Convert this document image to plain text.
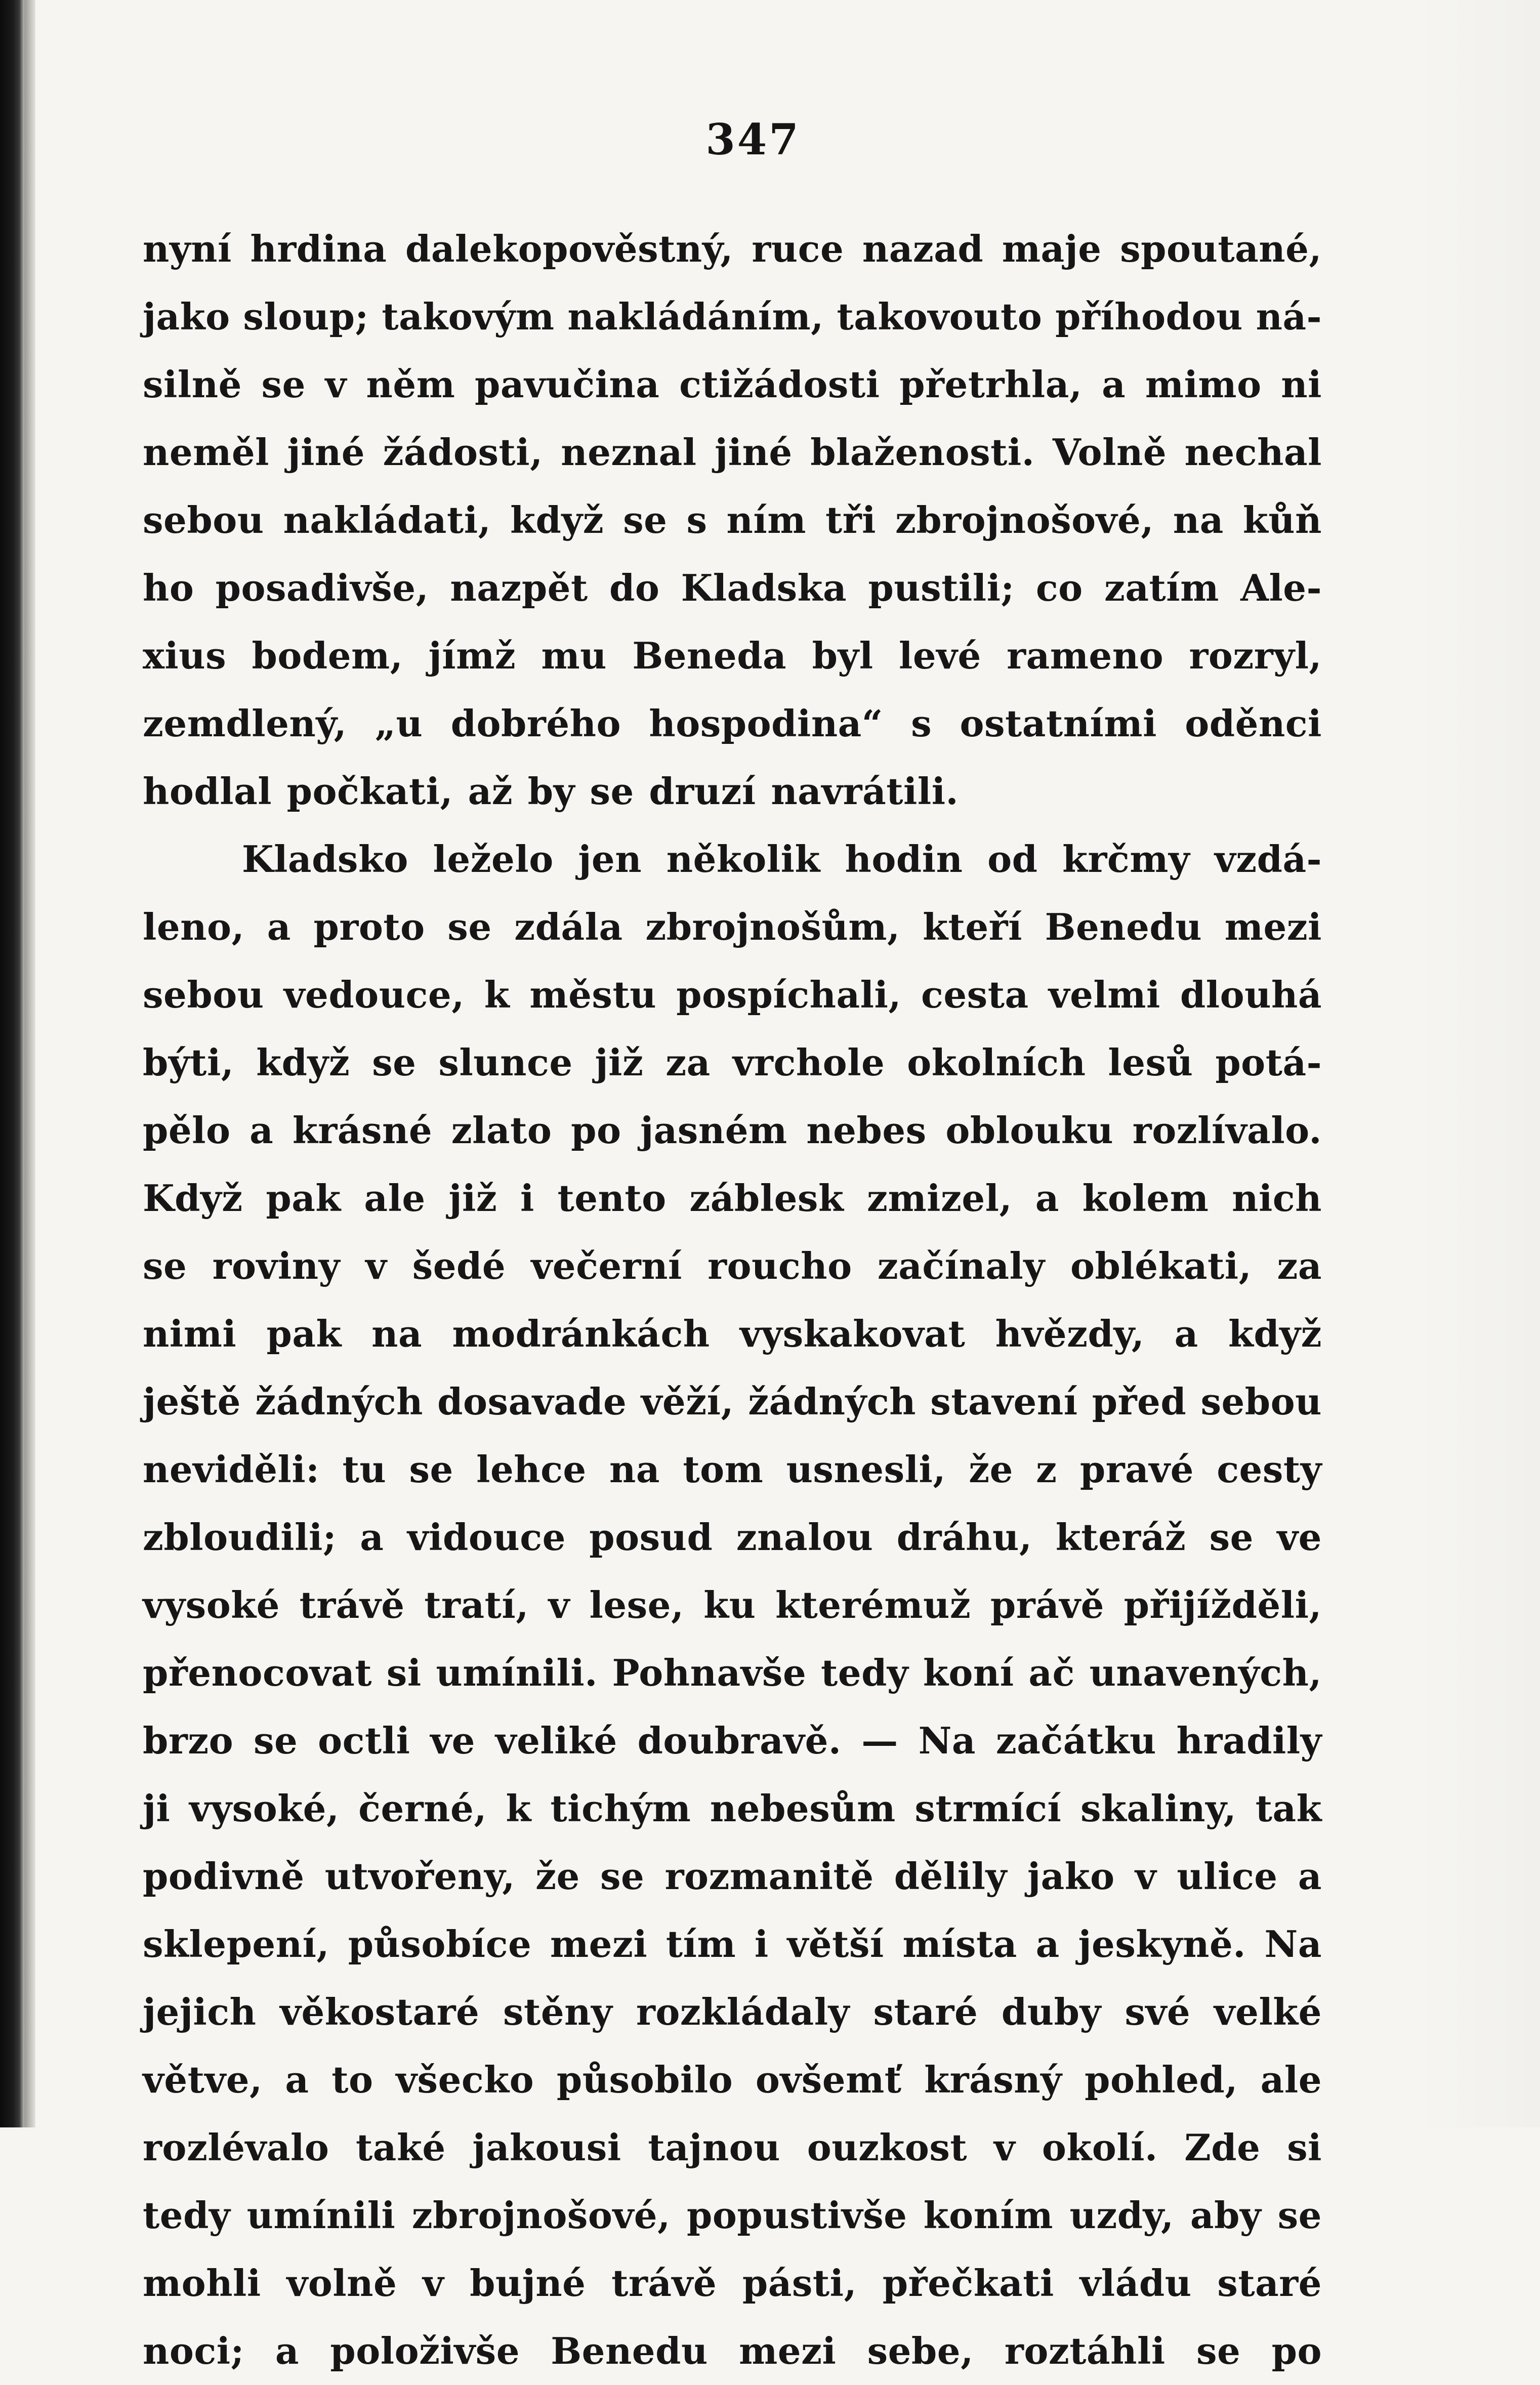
347
nyní hrdina dalekopověstný, ruce nazad maje spoutané,
jako sloup; takovým nakládáním, takovouto příhodou ná-
silně se v něm pavučina ctižádosti přetrhla, a mimo ni
neměl jiné žádosti, neznal jiné blaženosti. Volně nechal
sebou nakládati, když se s ním tři zbrojnošové, na kůň
ho posadivše, nazpět do Kladska pustili; co zatím Ale-
xius bodem, jímž mu Beneda byl levé rameno rozryl,
zemdlený, „u dobrého hospodina“ s ostatními oděnci
hodlal počkati, až by se druzí navrátili.
Kladsko leželo jen několik hodin od krčmy vzdá-
leno, a proto se zdála zbrojnošům, kteří Benedu mezi
sebou vedouce, k městu pospíchali, cesta velmi dlouhá
býti, když se slunce již za vrchole okolních lesů potá-
pělo a krásné zlato po jasném nebes oblouku rozlívalo.
Když pak ale již i tento záblesk zmizel, a kolem nich
se roviny v šedé večerní roucho začínaly oblékati, za
nimi pak na modránkách vyskakovat hvězdy, a když
ještě žádných dosavade věží, žádných stavení před sebou
neviděli: tu se lehce na tom usnesli, že z pravé cesty
zbloudili; a vidouce posud znalou dráhu, kteráž se ve
vysoké trávě tratí, v lese, ku kterémuž právě přijížděli,
přenocovat si umínili. Pohnavše tedy koní ač unavených,
brzo se octli ve veliké doubravě. — Na začátku hradily
ji vysoké, černé, k tichým nebesům strmící skaliny, tak
podivně utvořeny, že se rozmanitě dělily jako v ulice a
sklepení, působíce mezi tím i větší místa a jeskyně. Na
jejich věkostaré stěny rozkládaly staré duby své velké
větve, a to všecko působilo ovšemť krásný pohled, ale
rozlévalo také jakousi tajnou ouzkost v okolí. Zde si
tedy umínili zbrojnošové, popustivše koním uzdy, aby se
mohli volně v bujné trávě pásti, přečkati vládu staré
noci; a položivše Benedu mezi sebe, roztáhli se po
